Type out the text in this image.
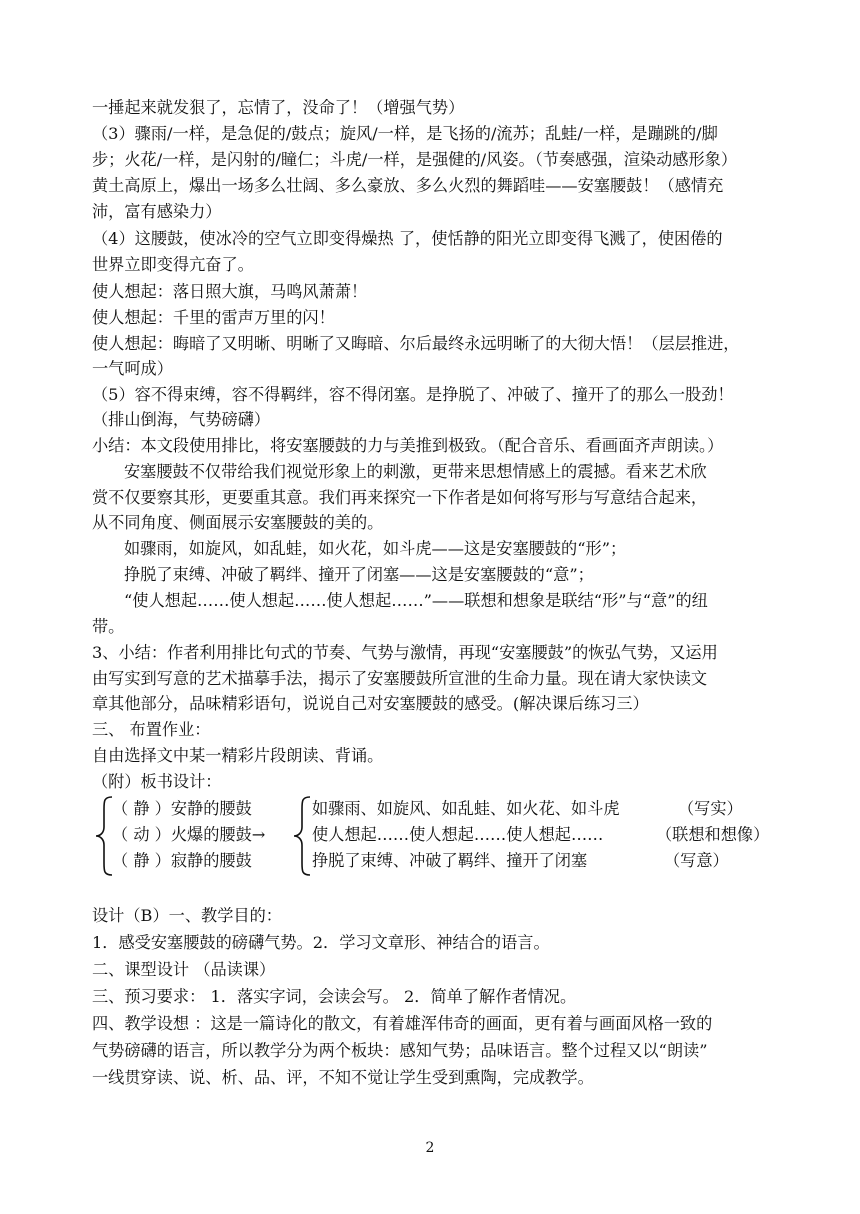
一捶起来就发狠了，忘情了，没命了！（增强气势）
（3）骤雨/一样，是急促的/鼓点；旋风/一样，是飞扬的/流苏；乱蛙/一样，是蹦跳的/脚
步；火花/一样，是闪射的/瞳仁；斗虎/一样，是强健的/风姿。（节奏感强，渲染动感形象）
黄土高原上，爆出一场多么壮阔、多么豪放、多么火烈的舞蹈哇——安塞腰鼓！（感情充
沛，富有感染力）
（4）这腰鼓，使冰冷的空气立即变得燥热 了，使恬静的阳光立即变得飞溅了，使困倦的
世界立即变得亢奋了。
使人想起：落日照大旗，马鸣风萧萧！
使人想起：千里的雷声万里的闪！
使人想起：晦暗了又明晰、明晰了又晦暗、尔后最终永远明晰了的大彻大悟！（层层推进，
一气呵成）
（5）容不得束缚，容不得羁绊，容不得闭塞。是挣脱了、冲破了、撞开了的那么一股劲！
（排山倒海，气势磅礴）
小结：本文段使用排比，将安塞腰鼓的力与美推到极致。（配合音乐、看画面齐声朗读。）
安塞腰鼓不仅带给我们视觉形象上的刺激，更带来思想情感上的震撼。看来艺术欣
赏不仅要察其形，更要重其意。我们再来探究一下作者是如何将写形与写意结合起来，
从不同角度、侧面展示安塞腰鼓的美的。
如骤雨，如旋风，如乱蛙，如火花，如斗虎——这是安塞腰鼓的“形”；
挣脱了束缚、冲破了羁绊、撞开了闭塞——这是安塞腰鼓的“意”；
“使人想起……使人想起……使人想起……”——联想和想象是联结“形”与“意”的纽
带。
3、小结：作者利用排比句式的节奏、气势与激情，再现“安塞腰鼓”的恢弘气势，又运用
由写实到写意的艺术描摹手法，揭示了安塞腰鼓所宣泄的生命力量。现在请大家快读文
章其他部分，品味精彩语句，说说自己对安塞腰鼓的感受。(解决课后练习三）
三、 布置作业：
自由选择文中某一精彩片段朗读、背诵。
（附）板书设计：
（ 静 ）安静的腰鼓
（ 动 ）火爆的腰鼓→
（ 静 ）寂静的腰鼓
如骤雨、如旋风、如乱蛙、如火花、如斗虎
使人想起……使人想起……使人想起……
挣脱了束缚、冲破了羁绊、撞开了闭塞
（写实）
（联想和想像）
（写意）
设计（B）一、教学目的：
1．感受安塞腰鼓的磅礴气势。2．学习文章形、神结合的语言。
二、课型设计 （品读课）
三、预习要求： 1．落实字词，会读会写。 2．简单了解作者情况。
四、教学设想 ：这是一篇诗化的散文，有着雄浑伟奇的画面，更有着与画面风格一致的
气势磅礴的语言，所以教学分为两个板块：感知气势；品味语言。整个过程又以“朗读”
一线贯穿读、说、析、品、评，不知不觉让学生受到熏陶，完成教学。
2
